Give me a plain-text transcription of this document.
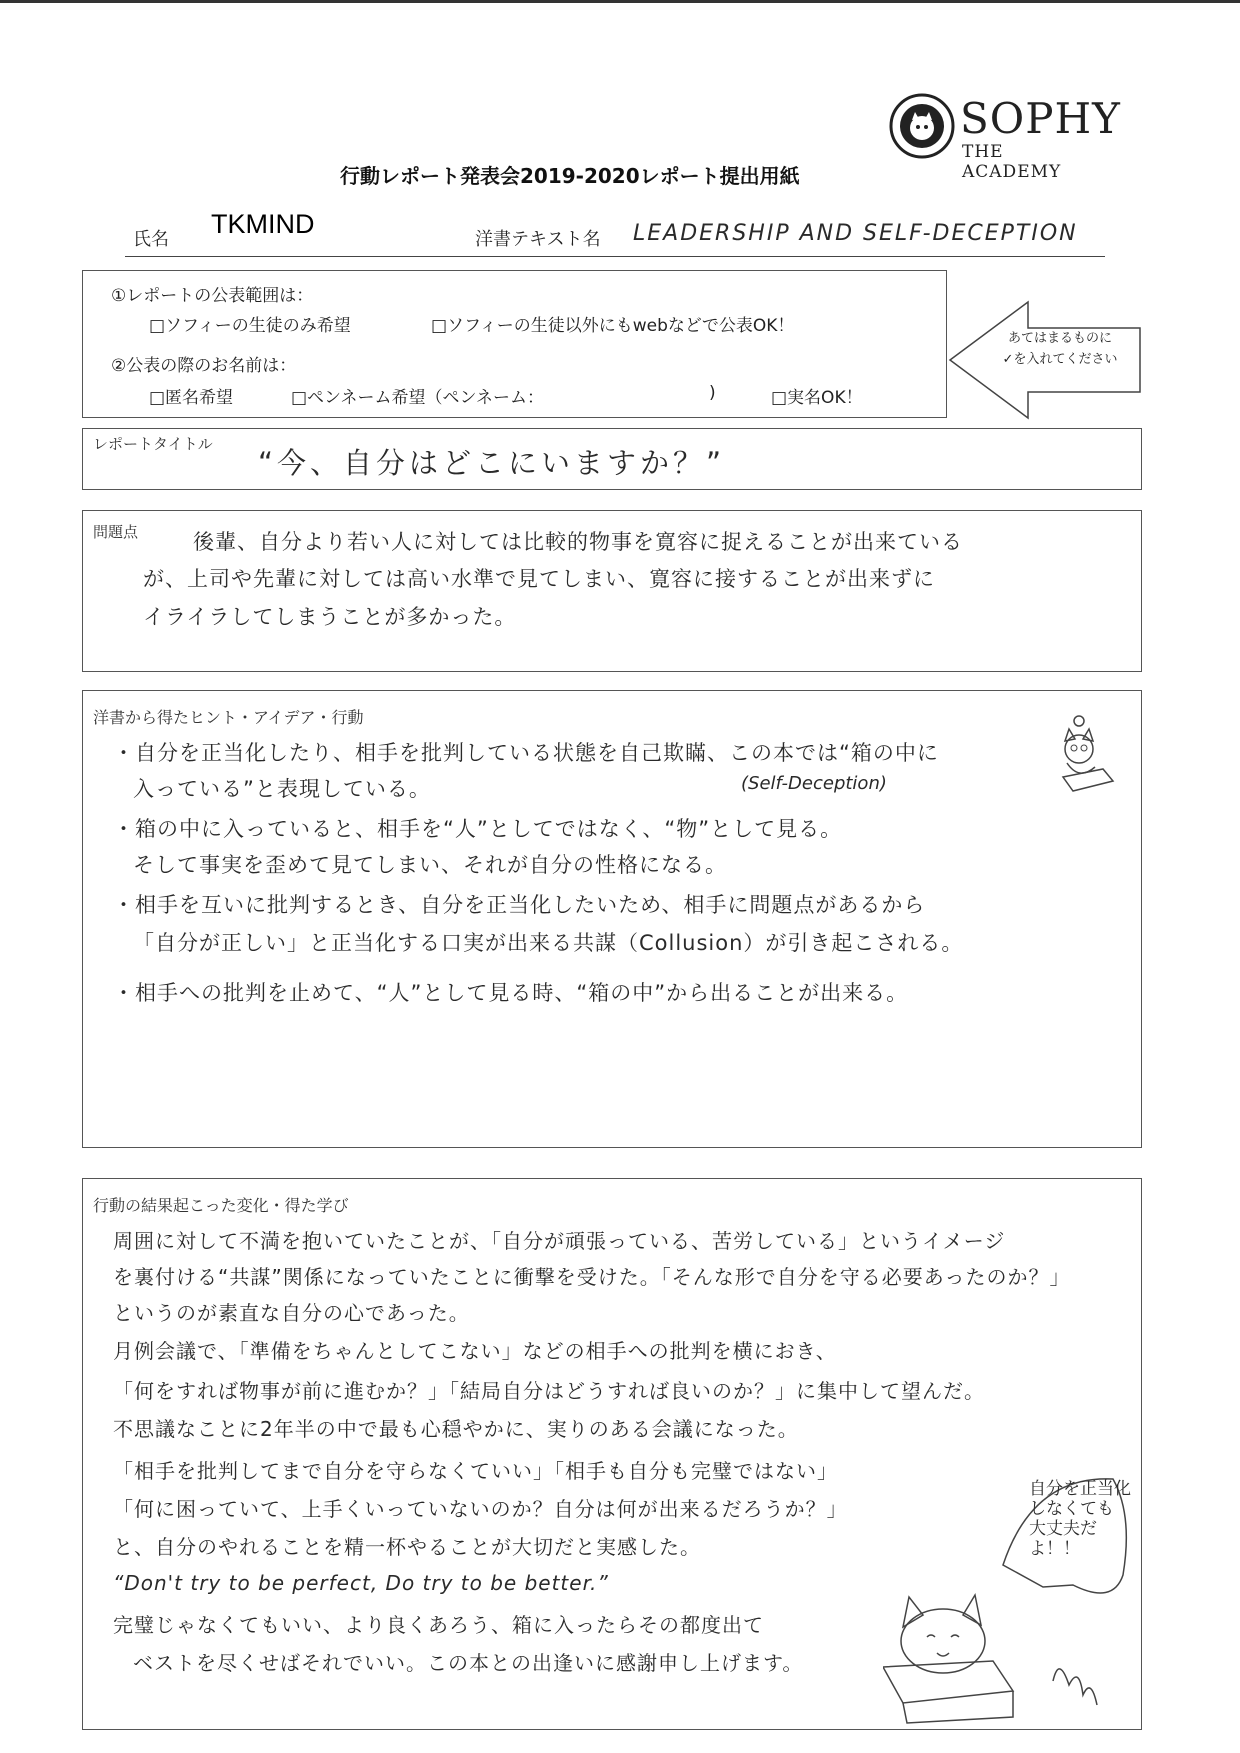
SOPHY
THE ACADEMY
行動レポート発表会2019-2020レポート提出用紙
氏名
TKMIND
洋書テキスト名 LEADERSHIP AND SELF-DECEPTION
①レポートの公表範囲は：
□ソフィーの生徒のみ希望	□ソフィーの生徒以外にもwebなどで公表OK！
②公表の際のお名前は：
□匿名希望	□ペンネーム希望（ペンネーム：	)	□実名OK！
あてはまるものに
✓を入れてください
レポートタイトル
“今、自分はどこにいますか？”
問題点	後輩、自分より若い人に対しては比較的物事を寛容に捉えることが出来ている
が、上司や先輩に対しては高い水準で見てしまい、寛容に接することが出来ずに
イライラしてしまうことが多かった。
洋書から得たヒント・アイデア・行動
・自分を正当化したり、相手を批判している状態を自己欺瞞、この本では“箱の中に
入っている”と表現している。	(Self-Deception)
・箱の中に入っていると、相手を“人”としてではなく、“物”として見る。
そして事実を歪めて見てしまい、それが自分の性格になる。
・相手を互いに批判するとき、自分を正当化したいため、相手に問題点があるから
「自分が正しい」と正当化する口実が出来る共謀（Collusion）が引き起こされる。
・相手への批判を止めて、“人”として見る時、“箱の中”から出ることが出来る。
行動の結果起こった変化・得た学び
周囲に対して不満を抱いていたことが、「自分が頑張っている、苦労している」というイメージ
を裏付ける“共謀”関係になっていたことに衝撃を受けた。「そんな形で自分を守る必要あったのか？」
というのが素直な自分の心であった。
月例会議で、「準備をちゃんとしてこない」などの相手への批判を横におき、
「何をすれば物事が前に進むか？」「結局自分はどうすれば良いのか？」に集中して望んだ。
不思議なことに2年半の中で最も心穏やかに、実りのある会議になった。
「相手を批判してまで自分を守らなくていい」「相手も自分も完璧ではない」
「何に困っていて、上手くいっていないのか？自分は何が出来るだろうか？」
と、自分のやれることを精一杯やることが大切だと実感した。
“Don't try to be perfect, Do try to be better.”
完璧じゃなくてもいい、より良くあろう、箱に入ったらその都度出て
ベストを尽くせばそれでいい。この本との出逢いに感謝申し上げます。
自分を正当化
しなくても
大丈夫だよ！！
